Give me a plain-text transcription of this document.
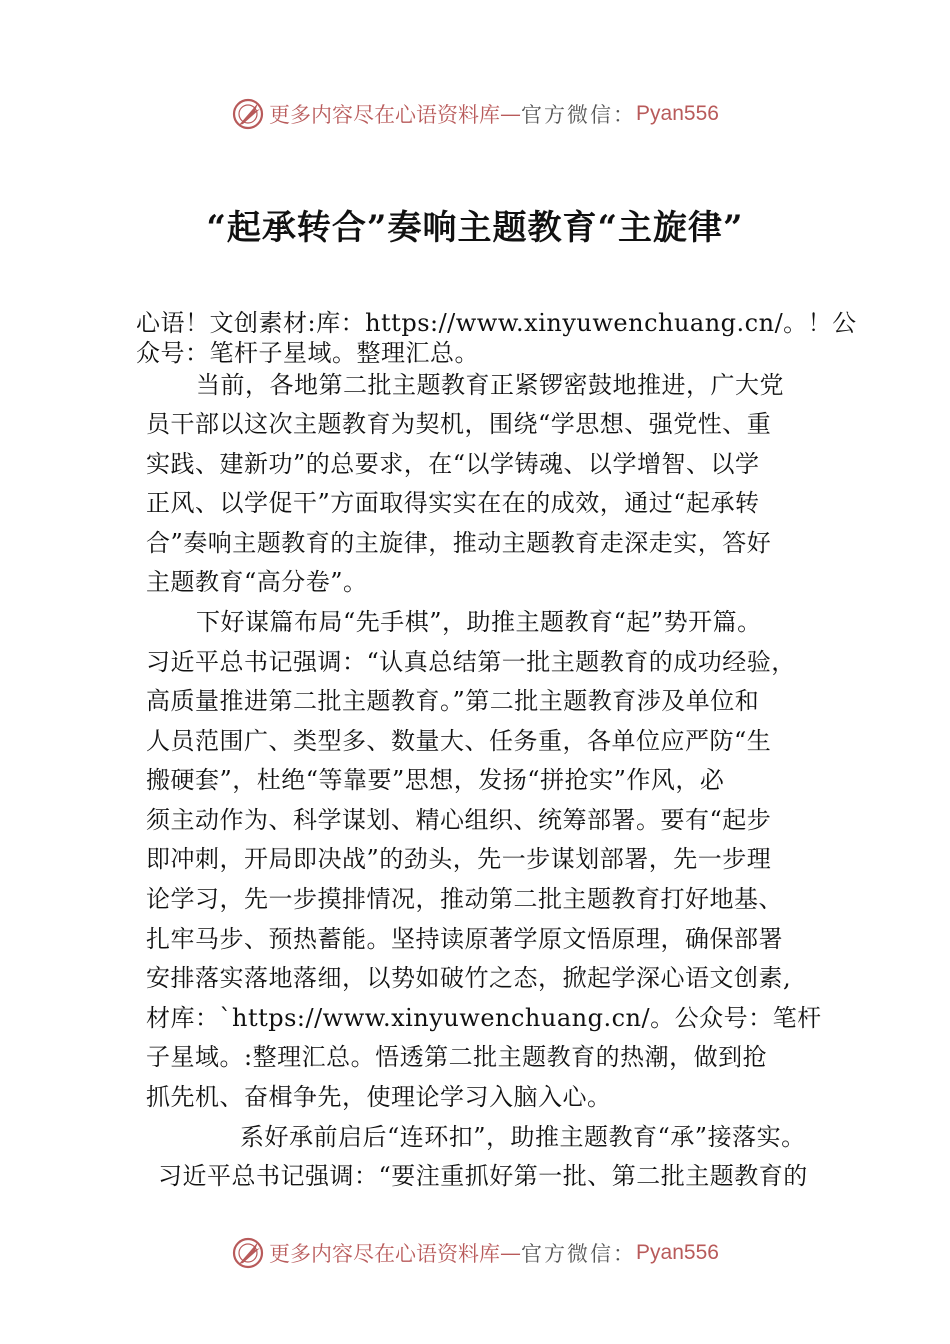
更多内容尽在心语资料库 — 官方微信： Pyan556
“起承转合”奏响主题教育“主旋律”
心语！文创素材:库：https://www.xinyuwenchuang.cn/。！公
众号：笔杆子星域。整理汇总。
当前，各地第二批主题教育正紧锣密鼓地推进，广大党
员干部以这次主题教育为契机，围绕“学思想、强党性、重
实践、建新功”的总要求，在“以学铸魂、以学增智、以学
正风、以学促干”方面取得实实在在的成效，通过“起承转
合”奏响主题教育的主旋律，推动主题教育走深走实，答好
主题教育“高分卷”。
下好谋篇布局“先手棋”，助推主题教育“起”势开篇。
习近平总书记强调：“认真总结第一批主题教育的成功经验，
高质量推进第二批主题教育。”第二批主题教育涉及单位和
人员范围广、类型多、数量大、任务重，各单位应严防“生
搬硬套”，杜绝“等靠要”思想，发扬“拼抢实”作风，必
须主动作为、科学谋划、精心组织、统筹部署。要有“起步
即冲刺，开局即决战”的劲头，先一步谋划部署，先一步理
论学习，先一步摸排情况，推动第二批主题教育打好地基、
扎牢马步、预热蓄能。坚持读原著学原文悟原理，确保部署
安排落实落地落细，以势如破竹之态，掀起学深心语文创素,
材库：`https://www.xinyuwenchuang.cn/。公众号：笔杆
子星域。:整理汇总。悟透第二批主题教育的热潮，做到抢
抓先机、奋楫争先，使理论学习入脑入心。
系好承前启后“连环扣”，助推主题教育“承”接落实。
习近平总书记强调：“要注重抓好第一批、第二批主题教育的
更多内容尽在心语资料库 — 官方微信： Pyan556
